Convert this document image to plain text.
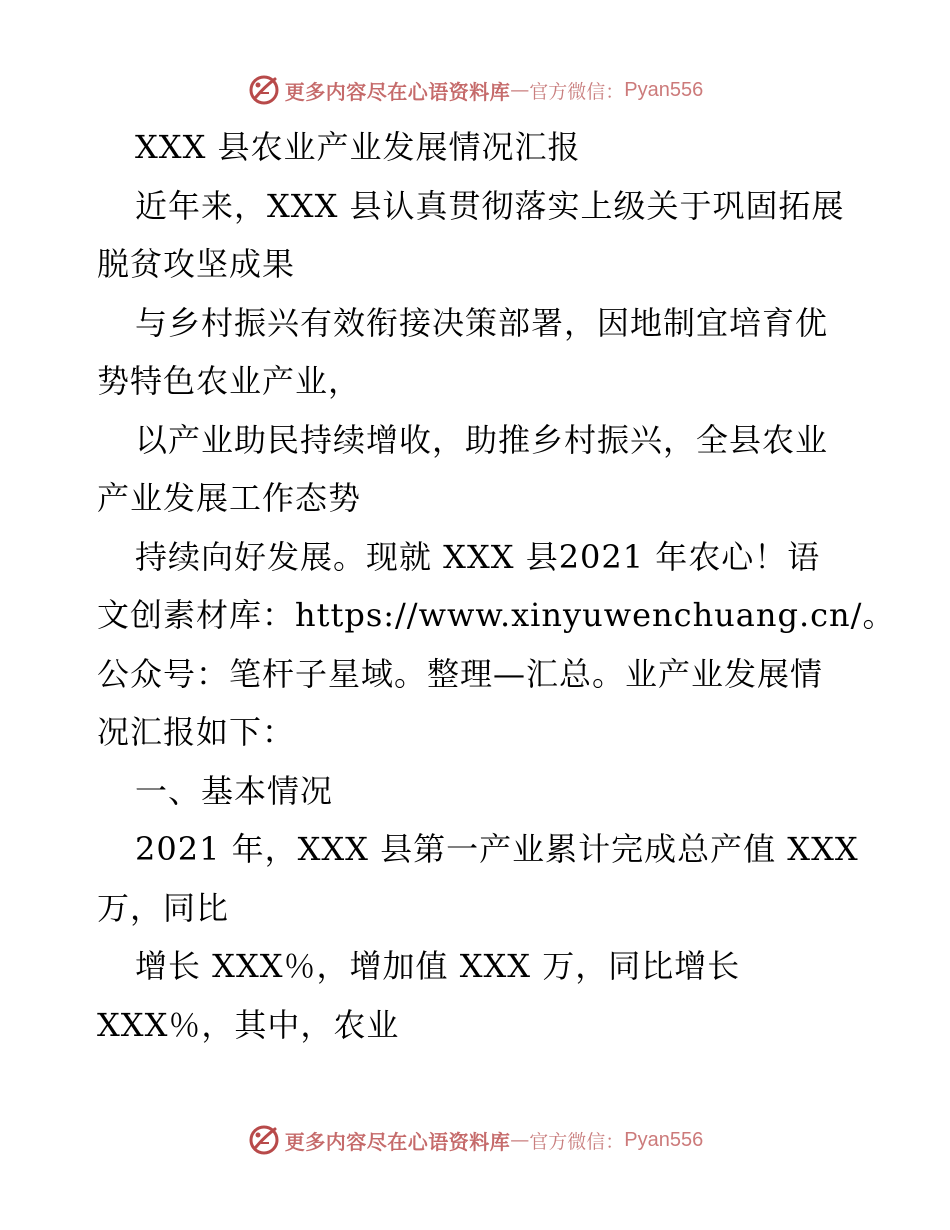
更多内容尽在心语资料库 — 官方微信： Pyan556
XXX 县农业产业发展情况汇报
近年来，XXX 县认真贯彻落实上级关于巩固拓展
脱贫攻坚成果
与乡村振兴有效衔接决策部署，因地制宜培育优
势特色农业产业，
以产业助民持续增收，助推乡村振兴，全县农业
产业发展工作态势
持续向好发展。现就 XXX 县2021 年农心！语
文创素材库：https://www.xinyuwenchuang.cn/。
公众号：笔杆子星域。整理—汇总。业产业发展情
况汇报如下：
一、基本情况
2021 年，XXX 县第一产业累计完成总产值 XXX
万，同比
增长 XXX％，增加值 XXX 万，同比增长
XXX％，其中，农业
更多内容尽在心语资料库 — 官方微信： Pyan556
